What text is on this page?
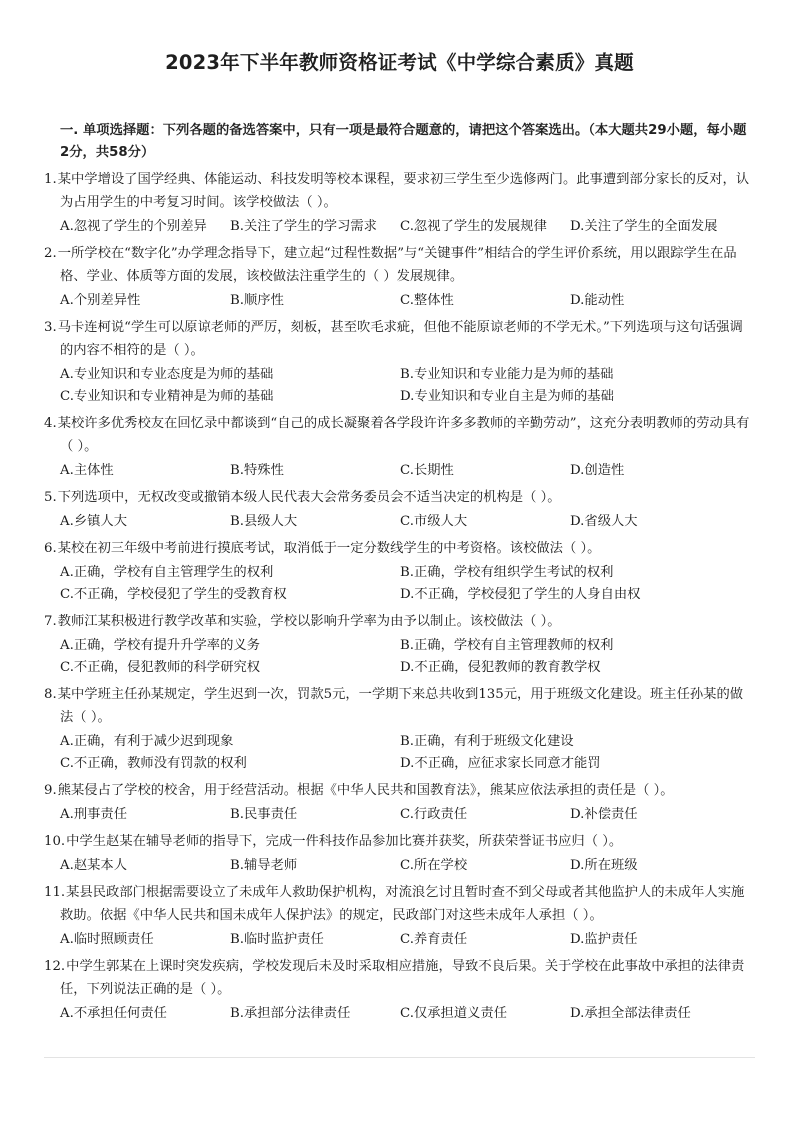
2023年下半年教师资格证考试《中学综合素质》真题
一. 单项选择题：下列各题的备选答案中，只有一项是最符合题意的，请把这个答案选出。（本大题共29小题，每小题2分，共58分）
1.某中学增设了国学经典、体能运动、科技发明等校本课程，要求初三学生至少选修两门。此事遭到部分家长的反对，认为占用学生的中考复习时间。该学校做法（ ）。
A.忽视了学生的个别差异	B.关注了学生的学习需求	C.忽视了学生的发展规律	D.关注了学生的全面发展
2.一所学校在“数字化”办学理念指导下，建立起“过程性数据”与“关键事件”相结合的学生评价系统，用以跟踪学生在品格、学业、体质等方面的发展，该校做法注重学生的（ ）发展规律。
A.个别差异性	B.顺序性	C.整体性	D.能动性
3.马卡连柯说“学生可以原谅老师的严厉，刻板，甚至吹毛求疵，但他不能原谅老师的不学无术。”下列选项与这句话强调的内容不相符的是（ ）。
A.专业知识和专业态度是为师的基础	B.专业知识和专业能力是为师的基础
C.专业知识和专业精神是为师的基础	D.专业知识和专业自主是为师的基础
4.某校许多优秀校友在回忆录中都谈到“自己的成长凝聚着各学段许许多多教师的辛勤劳动”，这充分表明教师的劳动具有（ ）。
A.主体性	B.特殊性	C.长期性	D.创造性
5.下列选项中，无权改变或撤销本级人民代表大会常务委员会不适当决定的机构是（ ）。
A.乡镇人大	B.县级人大	C.市级人大	D.省级人大
6.某校在初三年级中考前进行摸底考试，取消低于一定分数线学生的中考资格。该校做法（ ）。
A.正确，学校有自主管理学生的权利	B.正确，学校有组织学生考试的权利
C.不正确，学校侵犯了学生的受教育权	D.不正确，学校侵犯了学生的人身自由权
7.教师江某积极进行教学改革和实验，学校以影响升学率为由予以制止。该校做法（ ）。
A.正确，学校有提升升学率的义务	B.正确，学校有自主管理教师的权利
C.不正确，侵犯教师的科学研究权	D.不正确，侵犯教师的教育教学权
8.某中学班主任孙某规定，学生迟到一次，罚款5元，一学期下来总共收到135元，用于班级文化建设。班主任孙某的做法（ ）。
A.正确，有利于减少迟到现象	B.正确，有利于班级文化建设
C.不正确，教师没有罚款的权利	D.不正确，应征求家长同意才能罚
9.熊某侵占了学校的校舍，用于经营活动。根据《中华人民共和国教育法》，熊某应依法承担的责任是（ ）。
A.刑事责任	B.民事责任	C.行政责任	D.补偿责任
10.中学生赵某在辅导老师的指导下，完成一件科技作品参加比赛并获奖，所获荣誉证书应归（ ）。
A.赵某本人	B.辅导老师	C.所在学校	D.所在班级
11.某县民政部门根据需要设立了未成年人救助保护机构，对流浪乞讨且暂时查不到父母或者其他监护人的未成年人实施救助。依据《中华人民共和国未成年人保护法》的规定，民政部门对这些未成年人承担（ ）。
A.临时照顾责任	B.临时监护责任	C.养育责任	D.监护责任
12.中学生郭某在上课时突发疾病，学校发现后未及时采取相应措施，导致不良后果。关于学校在此事故中承担的法律责任，下列说法正确的是（ ）。
A.不承担任何责任	B.承担部分法律责任	C.仅承担道义责任	D.承担全部法律责任
